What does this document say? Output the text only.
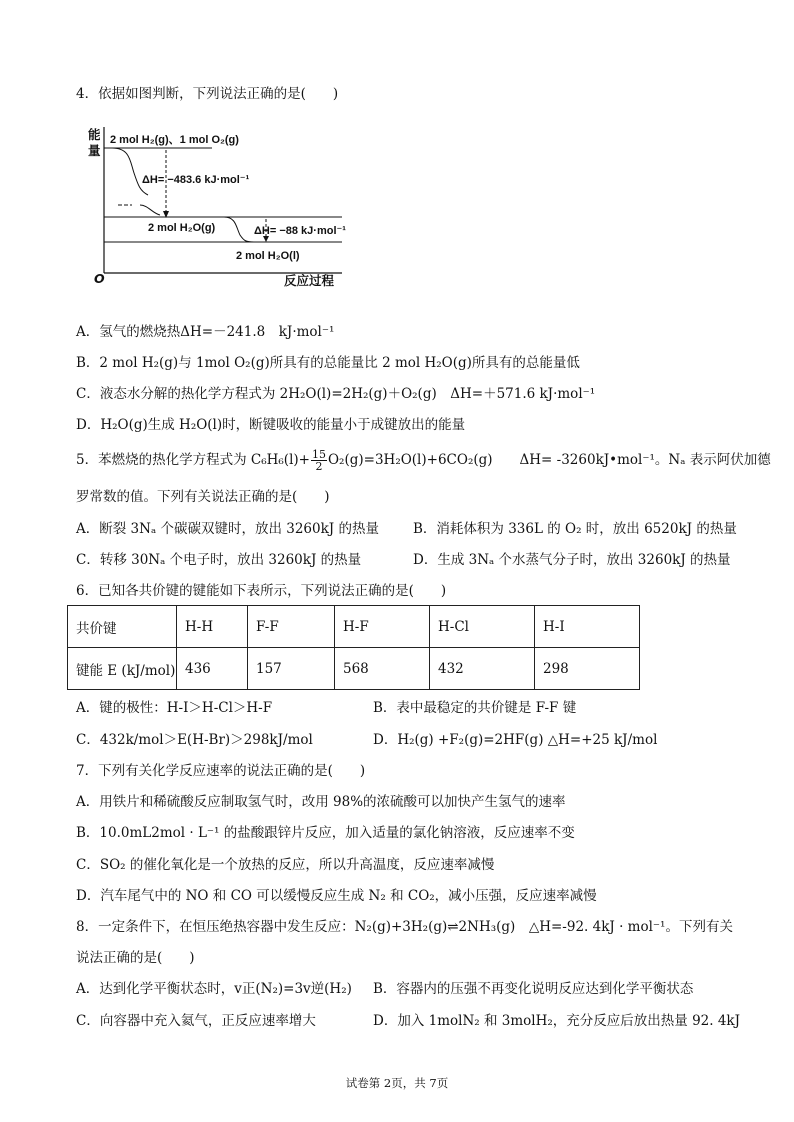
4．依据如图判断，下列说法正确的是(　　)
能
量
O	反应过程
2 mol H₂(g)、1 mol O₂(g)
ΔH= −483.6 kJ·mol⁻¹
2 mol H₂O(g)	ΔH= −88 kJ·mol⁻¹
2 mol H₂O(l)
A．氢气的燃烧热ΔH=－241.8　kJ·mol⁻¹
B．2 mol H₂(g)与 1mol O₂(g)所具有的总能量比 2 mol H₂O(g)所具有的总能量低
C．液态水分解的热化学方程式为 2H₂O(l)=2H₂(g)＋O₂(g)　ΔH=＋571.6 kJ·mol⁻¹
D．H₂O(g)生成 H₂O(l)时，断键吸收的能量小于成键放出的能量
5．苯燃烧的热化学方程式为 $C_6H_6(l)+ \frac{15}{2} O_2(g)=3H_2O(l)+6CO_2(g)$　　ΔH= -3260kJ•mol⁻¹。Nₐ 表示阿伏加德
罗常数的值。下列有关说法正确的是(　　)
A．断裂 3Nₐ 个碳碳双键时，放出 3260kJ 的热量	B．消耗体积为 336L 的 O₂ 时，放出 6520kJ 的热量
C．转移 30Nₐ 个电子时，放出 3260kJ 的热量	D．生成 3Nₐ 个水蒸气分子时，放出 3260kJ 的热量
6．已知各共价键的键能如下表所示，下列说法正确的是(　　)
共价键	H-H	F-F	H-F	H-Cl	H-I
键能 E (kJ/mol)	436	157	568	432	298
A．键的极性：H-I＞H-Cl＞H-F	B．表中最稳定的共价键是 F-F 键
C．432k/mol＞E(H-Br)＞298kJ/mol	D．H₂(g) +F₂(g)=2HF(g) △H=+25 kJ/mol
7．下列有关化学反应速率的说法正确的是(　　)
A．用铁片和稀硫酸反应制取氢气时，改用 98%的浓硫酸可以加快产生氢气的速率
B．10.0mL2mol · L⁻¹ 的盐酸跟锌片反应，加入适量的氯化钠溶液，反应速率不变
C．SO₂ 的催化氧化是一个放热的反应，所以升高温度，反应速率减慢
D．汽车尾气中的 NO 和 CO 可以缓慢反应生成 N₂ 和 CO₂，减小压强，反应速率减慢
8．一定条件下，在恒压绝热容器中发生反应：N₂(g)+3H₂(g)⇌2NH₃(g)　△H=-92. 4kJ · mol⁻¹。下列有关
说法正确的是(　　)
A．达到化学平衡状态时，v正(N₂)=3v逆(H₂) B．容器内的压强不再变化说明反应达到化学平衡状态
C．向容器中充入氦气，正反应速率增大	D．加入 1molN₂ 和 3molH₂，充分反应后放出热量 92. 4kJ
试卷第 2页，共 7页
